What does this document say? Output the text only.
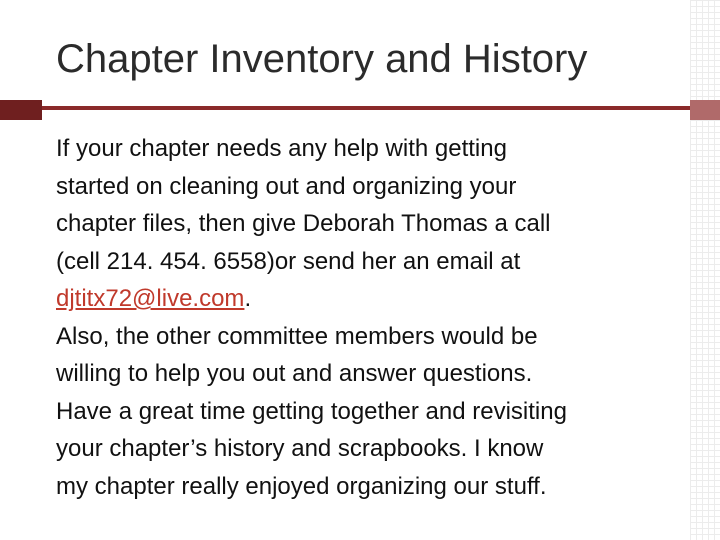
Chapter Inventory and History

If your chapter needs any help with getting
started on cleaning out and organizing your
chapter files, then give Deborah Thomas a call
(cell 214. 454. 6558)or send her an email at
djtitx72@live.com.

Also, the other committee members would be
willing to help you out and answer questions.

Have a great time getting together and revisiting
your chapter’s history and scrapbooks. I know
my chapter really enjoyed organizing our stuff.
